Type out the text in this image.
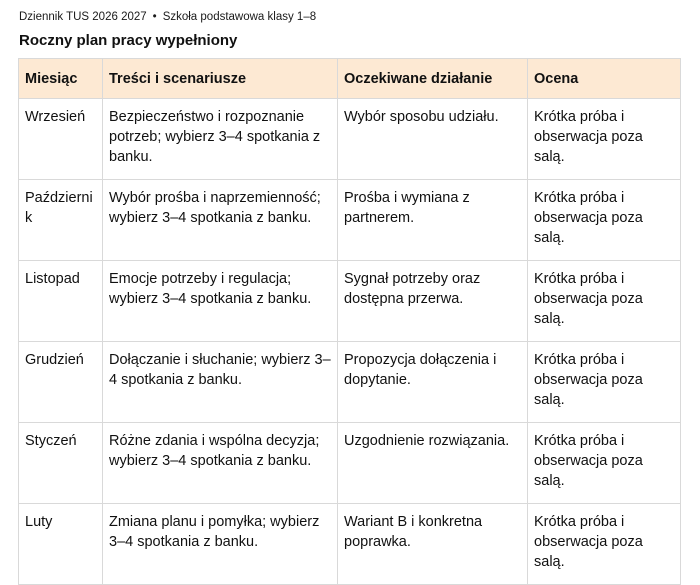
Dziennik TUS 2026 2027 • Szkoła podstawowa klasy 1–8
Roczny plan pracy wypełniony
Miesiąc	Treści i scenariusze	Oczekiwane działanie	Ocena
Wrzesień	Bezpieczeństwo i rozpoznanie potrzeb; wybierz 3–4 spotkania z banku.	Wybór sposobu udziału.	Krótka próba i obserwacja poza salą.
Październik	Wybór prośba i naprzemienność; wybierz 3–4 spotkania z banku.	Prośba i wymiana z partnerem.	Krótka próba i obserwacja poza salą.
Listopad	Emocje potrzeby i regulacja; wybierz 3–4 spotkania z banku.	Sygnał potrzeby oraz dostępna przerwa.	Krótka próba i obserwacja poza salą.
Grudzień	Dołączanie i słuchanie; wybierz 3–4 spotkania z banku.	Propozycja dołączenia i dopytanie.	Krótka próba i obserwacja poza salą.
Styczeń	Różne zdania i wspólna decyzja; wybierz 3–4 spotkania z banku.	Uzgodnienie rozwiązania.	Krótka próba i obserwacja poza salą.
Luty	Zmiana planu i pomyłka; wybierz 3–4 spotkania z banku.	Wariant B i konkretna poprawka.	Krótka próba i obserwacja poza salą.
